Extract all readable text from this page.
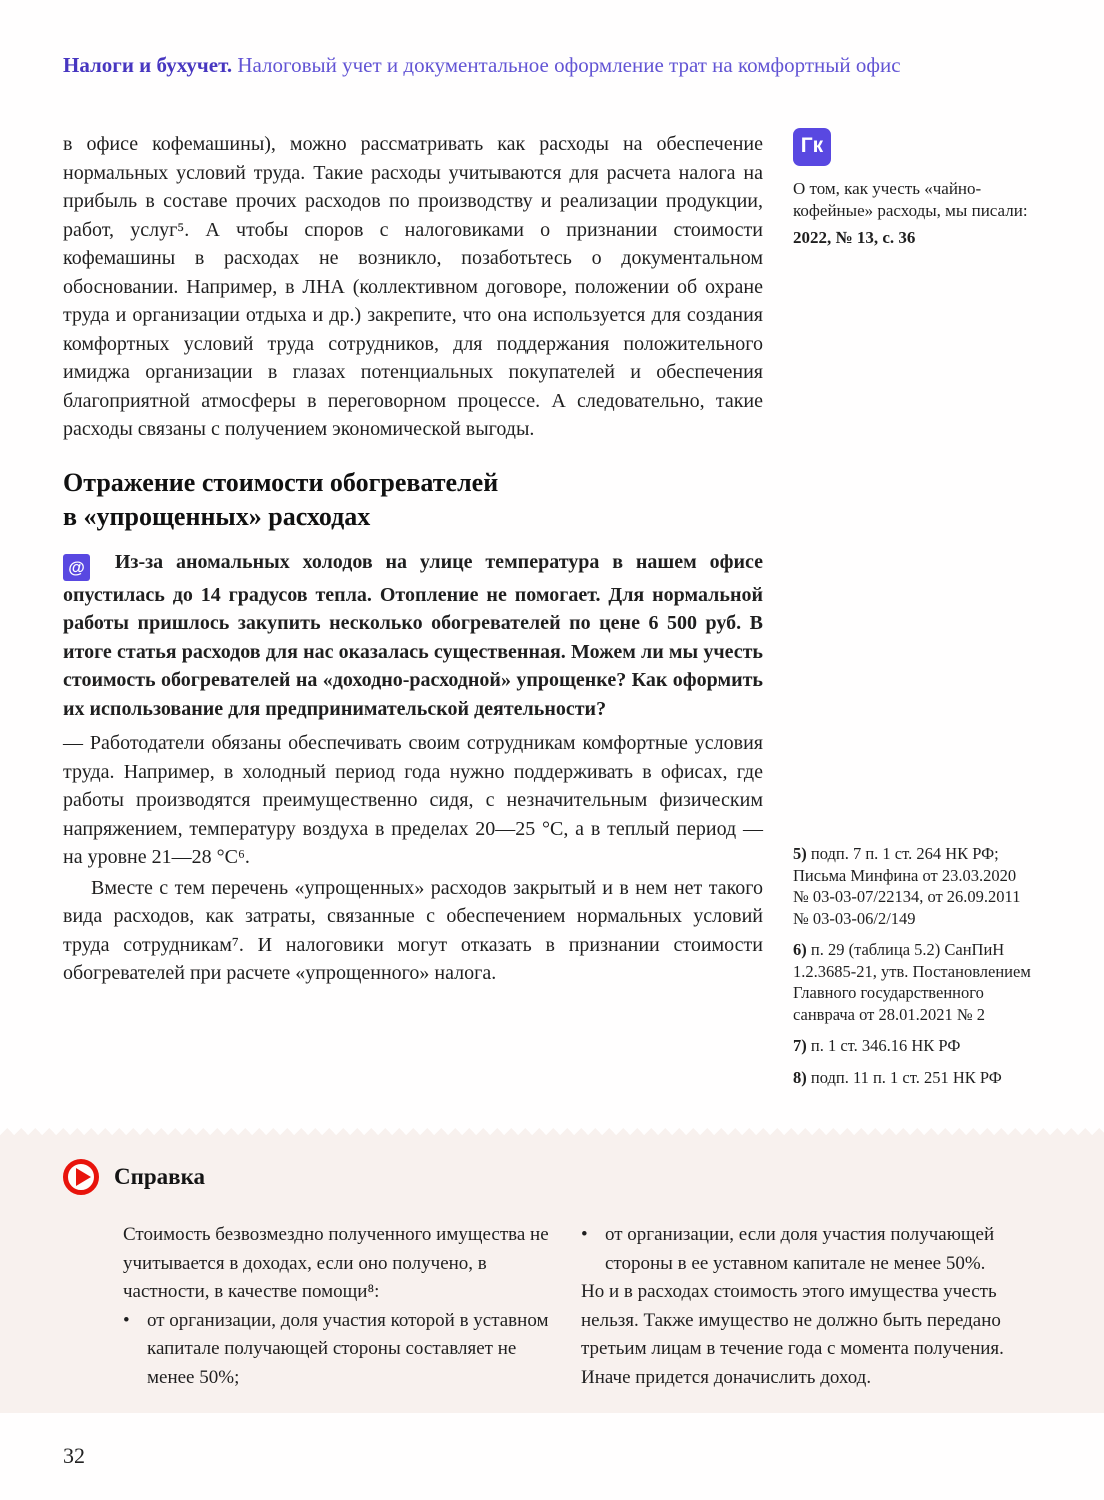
Налоги и бухучет. Налоговый учет и документальное оформление трат на комфортный офис

в офисе кофемашины), можно рассматривать как расходы на обеспечение нормальных условий труда. Такие расходы учитываются для расчета налога на прибыль в составе прочих расходов по производству и реализации продукции, работ, услуг⁵. А чтобы споров с налоговиками о признании стоимости кофемашины в расходах не возникло, позаботьтесь о документальном обосновании. Например, в ЛНА (коллективном договоре, положении об охране труда и организации отдыха и др.) закрепите, что она используется для создания комфортных условий труда сотрудников, для поддержания положительного имиджа организации в глазах потенциальных покупателей и обеспечения благоприятной атмосферы в переговорном процессе. А следовательно, такие расходы связаны с получением экономической выгоды.

Отражение стоимости обогревателей
в «упрощенных» расходах

@ Из-за аномальных холодов на улице температура в нашем офисе опустилась до 14 градусов тепла. Отопление не помогает. Для нормальной работы пришлось закупить несколько обогревателей по цене 6 500 руб. В итоге статья расходов для нас оказалась существенная. Можем ли мы учесть стоимость обогревателей на «доходно-расходной» упрощенке? Как оформить их использование для предпринимательской деятельности?

— Работодатели обязаны обеспечивать своим сотрудникам комфортные условия труда. Например, в холодный период года нужно поддерживать в офисах, где работы производятся преимущественно сидя, с незначительным физическим напряжением, температуру воздуха в пределах 20—25 °C, а в теплый период — на уровне 21—28 °C⁶.

Вместе с тем перечень «упрощенных» расходов закрытый и в нем нет такого вида расходов, как затраты, связанные с обеспечением нормальных условий труда сотрудникам⁷. И налоговики могут отказать в признании стоимости обогревателей при расчете «упрощенного» налога.

Гк

О том, как учесть «чайно-кофейные» расходы, мы писали:

2022, № 13, с. 36

5) подп. 7 п. 1 ст. 264 НК РФ; Письма Минфина от 23.03.2020 № 03-03-07/22134, от 26.09.2011 № 03-03-06/2/149

6) п. 29 (таблица 5.2) СанПиН 1.2.3685-21, утв. Постановлением Главного государственного санврача от 28.01.2021 № 2

7) п. 1 ст. 346.16 НК РФ

8) подп. 11 п. 1 ст. 251 НК РФ

Справка

Стоимость безвозмездно полученного имущества не учитывается в доходах, если оно получено, в частности, в качестве помощи⁸:

• от организации, доля участия которой в уставном капитале получающей стороны составляет не менее 50%;

• от организации, если доля участия получающей стороны в ее уставном капитале не менее 50%.

Но и в расходах стоимость этого имущества учесть нельзя. Также имущество не должно быть передано третьим лицам в течение года с момента получения. Иначе придется доначислить доход.

32
